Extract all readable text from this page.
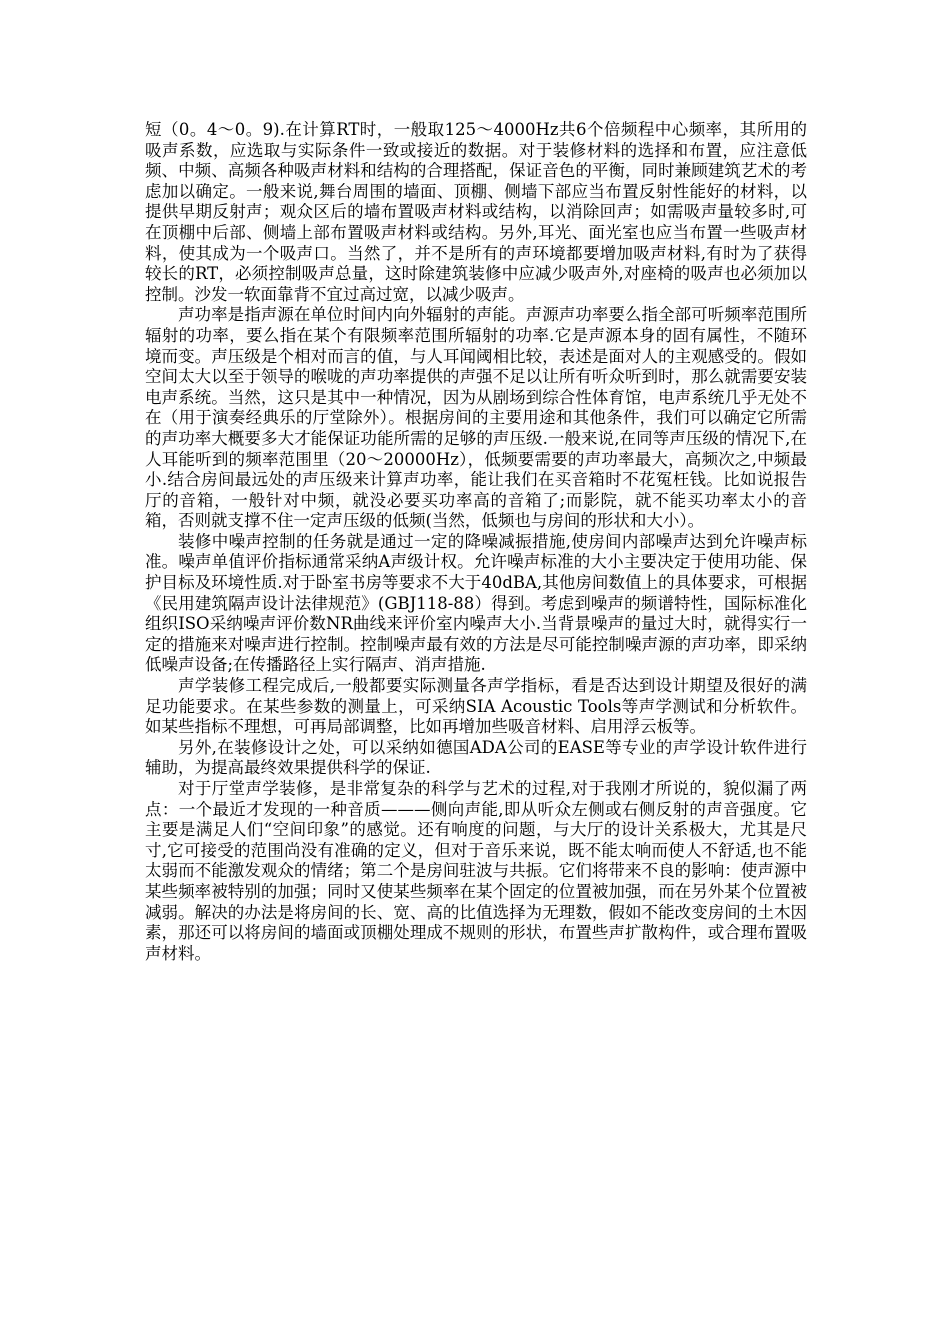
短（0。4～0。9).在计算RT时，一般取125～4000Hz共6个倍频程中心频率，其所用的吸声系数，应选取与实际条件一致或接近的数据。对于装修材料的选择和布置，应注意低频、中频、高频各种吸声材料和结构的合理搭配，保证音色的平衡，同时兼顾建筑艺术的考虑加以确定。一般来说,舞台周围的墙面、顶棚、侧墙下部应当布置反射性能好的材料，以提供早期反射声；观众区后的墙布置吸声材料或结构，以消除回声；如需吸声量较多时,可在顶棚中后部、侧墙上部布置吸声材料或结构。另外,耳光、面光室也应当布置一些吸声材料，使其成为一个吸声口。当然了，并不是所有的声环境都要增加吸声材料,有时为了获得较长的RT，必须控制吸声总量，这时除建筑装修中应减少吸声外,对座椅的吸声也必须加以控制。沙发一软面靠背不宜过高过宽，以减少吸声。

声功率是指声源在单位时间内向外辐射的声能。声源声功率要么指全部可听频率范围所辐射的功率，要么指在某个有限频率范围所辐射的功率.它是声源本身的固有属性，不随环境而变。声压级是个相对而言的值，与人耳闻阈相比较，表述是面对人的主观感受的。假如空间太大以至于领导的喉咙的声功率提供的声强不足以让所有听众听到时，那么就需要安装电声系统。当然，这只是其中一种情况，因为从剧场到综合性体育馆，电声系统几乎无处不在（用于演奏经典乐的厅堂除外）。根据房间的主要用途和其他条件，我们可以确定它所需的声功率大概要多大才能保证功能所需的足够的声压级.一般来说,在同等声压级的情况下,在人耳能听到的频率范围里（20～20000Hz），低频要需要的声功率最大，高频次之,中频最小.结合房间最远处的声压级来计算声功率，能让我们在买音箱时不花冤枉钱。比如说报告厅的音箱，一般针对中频，就没必要买功率高的音箱了;而影院，就不能买功率太小的音箱，否则就支撑不住一定声压级的低频(当然，低频也与房间的形状和大小）。

装修中噪声控制的任务就是通过一定的降噪减振措施,使房间内部噪声达到允许噪声标准。噪声单值评价指标通常采纳A声级计权。允许噪声标准的大小主要决定于使用功能、保护目标及环境性质.对于卧室书房等要求不大于40dBA,其他房间数值上的具体要求，可根据《民用建筑隔声设计法律规范》(GBJ118-88）得到。考虑到噪声的频谱特性，国际标准化组织ISO采纳噪声评价数NR曲线来评价室内噪声大小.当背景噪声的量过大时，就得实行一定的措施来对噪声进行控制。控制噪声最有效的方法是尽可能控制噪声源的声功率，即采纳低噪声设备;在传播路径上实行隔声、消声措施.

声学装修工程完成后,一般都要实际测量各声学指标，看是否达到设计期望及很好的满足功能要求。在某些参数的测量上，可采纳SIA Acoustic Tools等声学测试和分析软件。如某些指标不理想，可再局部调整，比如再增加些吸音材料、启用浮云板等。

另外,在装修设计之处，可以采纳如德国ADA公司的EASE等专业的声学设计软件进行辅助，为提高最终效果提供科学的保证.

对于厅堂声学装修，是非常复杂的科学与艺术的过程,对于我刚才所说的，貌似漏了两点：一个最近才发现的一种音质———侧向声能,即从听众左侧或右侧反射的声音强度。它主要是满足人们“空间印象”的感觉。还有响度的问题，与大厅的设计关系极大，尤其是尺寸,它可接受的范围尚没有准确的定义，但对于音乐来说，既不能太响而使人不舒适,也不能太弱而不能激发观众的情绪；第二个是房间驻波与共振。它们将带来不良的影响：使声源中某些频率被特别的加强；同时又使某些频率在某个固定的位置被加强，而在另外某个位置被减弱。解决的办法是将房间的长、宽、高的比值选择为无理数，假如不能改变房间的土木因素，那还可以将房间的墙面或顶棚处理成不规则的形状，布置些声扩散构件，或合理布置吸声材料。
